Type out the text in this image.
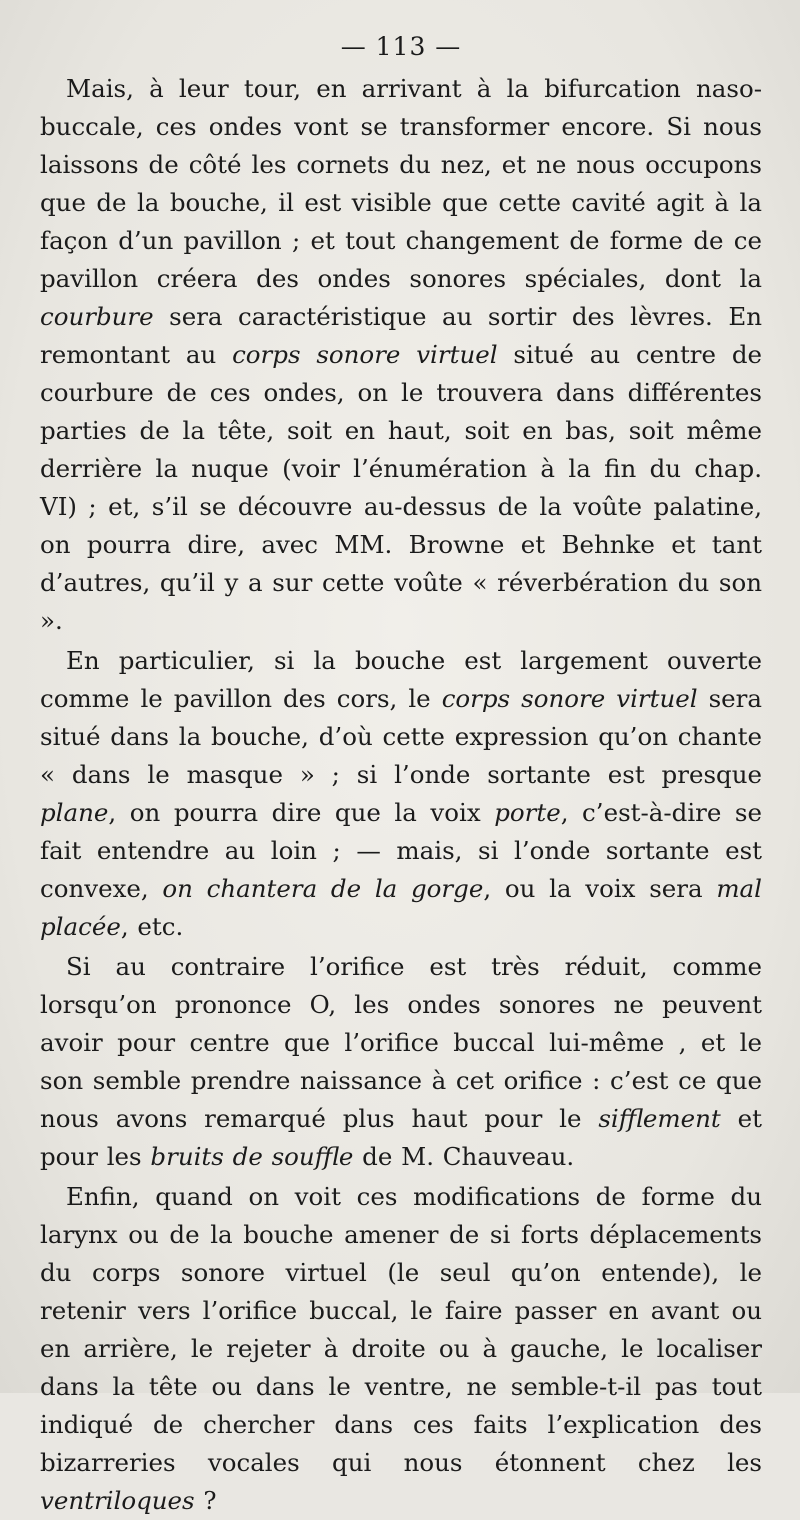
— 113 —

Mais, à leur tour, en arrivant à la bifurcation naso-buccale, ces ondes vont se transformer encore. Si nous laissons de côté les cornets du nez, et ne nous occupons que de la bouche, il est visible que cette cavité agit à la façon d’un pavillon ; et tout changement de forme de ce pavillon créera des ondes sonores spéciales, dont la courbure sera caractéristique au sortir des lèvres. En remontant au corps sonore virtuel situé au centre de courbure de ces ondes, on le trouvera dans différentes parties de la tête, soit en haut, soit en bas, soit même derrière la nuque (voir l’énumération à la fin du chap. VI) ; et, s’il se découvre au-dessus de la voûte palatine, on pourra dire, avec MM. Browne et Behnke et tant d’autres, qu’il y a sur cette voûte « réverbération du son ».

En particulier, si la bouche est largement ouverte comme le pavillon des cors, le corps sonore virtuel sera situé dans la bouche, d’où cette expression qu’on chante « dans le masque » ; si l’onde sortante est presque plane, on pourra dire que la voix porte, c’est-à-dire se fait entendre au loin ; — mais, si l’onde sortante est convexe, on chantera de la gorge, ou la voix sera mal placée, etc.

Si au contraire l’orifice est très réduit, comme lorsqu’on prononce O, les ondes sonores ne peuvent avoir pour centre que l’orifice buccal lui-même , et le son semble prendre naissance à cet orifice : c’est ce que nous avons remarqué plus haut pour le sifflement et pour les bruits de souffle de M. Chauveau.

Enfin, quand on voit ces modifications de forme du larynx ou de la bouche amener de si forts déplacements du corps sonore virtuel (le seul qu’on entende), le retenir vers l’orifice buccal, le faire passer en avant ou en arrière, le rejeter à droite ou à gauche, le localiser dans la tête ou dans le ventre, ne semble-t-il pas tout indiqué de chercher dans ces faits l’explication des bizarreries vocales qui nous étonnent chez les ventriloques ?
